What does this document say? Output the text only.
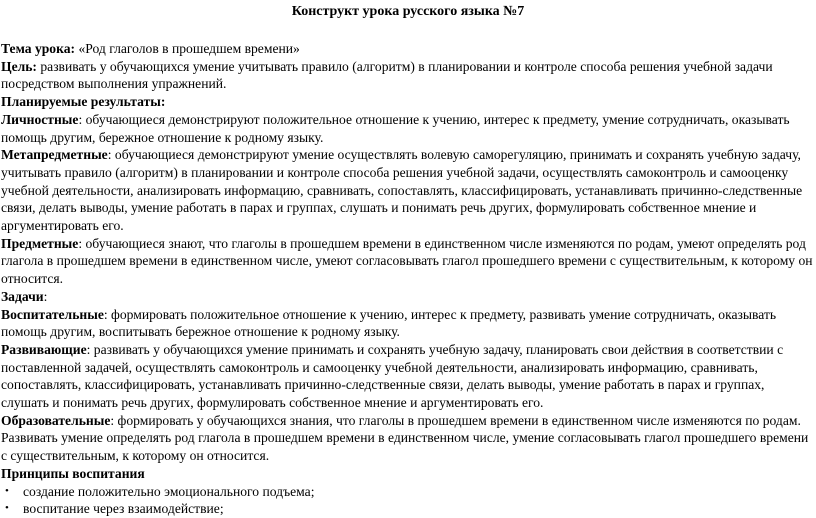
Конструкт урока русского языка №7

Тема урока: «Род глаголов в прошедшем времени»

Цель: развивать у обучающихся умение учитывать правило (алгоритм) в планировании и контроле способа решения учебной задачи посредством выполнения упражнений.

Планируемые результаты:

Личностные: обучающиеся демонстрируют положительное отношение к учению, интерес к предмету, умение сотрудничать, оказывать помощь другим, бережное отношение к родному языку.

Метапредметные: обучающиеся демонстрируют умение осуществлять волевую саморегуляцию, принимать и сохранять учебную задачу, учитывать правило (алгоритм) в планировании и контроле способа решения учебной задачи, осуществлять самоконтроль и самооценку учебной деятельности, анализировать информацию, сравнивать, сопоставлять, классифицировать, устанавливать причинно-следственные связи, делать выводы, умение работать в парах и группах, слушать и понимать речь других, формулировать собственное мнение и аргументировать его.

Предметные: обучающиеся знают, что глаголы в прошедшем времени в единственном числе изменяются по родам, умеют определять род глагола в прошедшем времени в единственном числе, умеют согласовывать глагол прошедшего времени с существительным, к которому он относится.

Задачи:

Воспитательные: формировать положительное отношение к учению, интерес к предмету, развивать умение сотрудничать, оказывать помощь другим, воспитывать бережное отношение к родному языку.

Развивающие: развивать у обучающихся умение принимать и сохранять учебную задачу, планировать свои действия в соответствии с поставленной задачей, осуществлять самоконтроль и самооценку учебной деятельности, анализировать информацию, сравнивать, сопоставлять, классифицировать, устанавливать причинно-следственные связи, делать выводы, умение работать в парах и группах, слушать и понимать речь других, формулировать собственное мнение и аргументировать его.

Образовательные: формировать у обучающихся знания, что глаголы в прошедшем времени в единственном числе изменяются по родам. Развивать умение определять род глагола в прошедшем времени в единственном числе, умение согласовывать глагол прошедшего времени с существительным, к которому он относится.

Принципы воспитания

• создание положительно эмоционального подъема;
• воспитание через взаимодействие;
